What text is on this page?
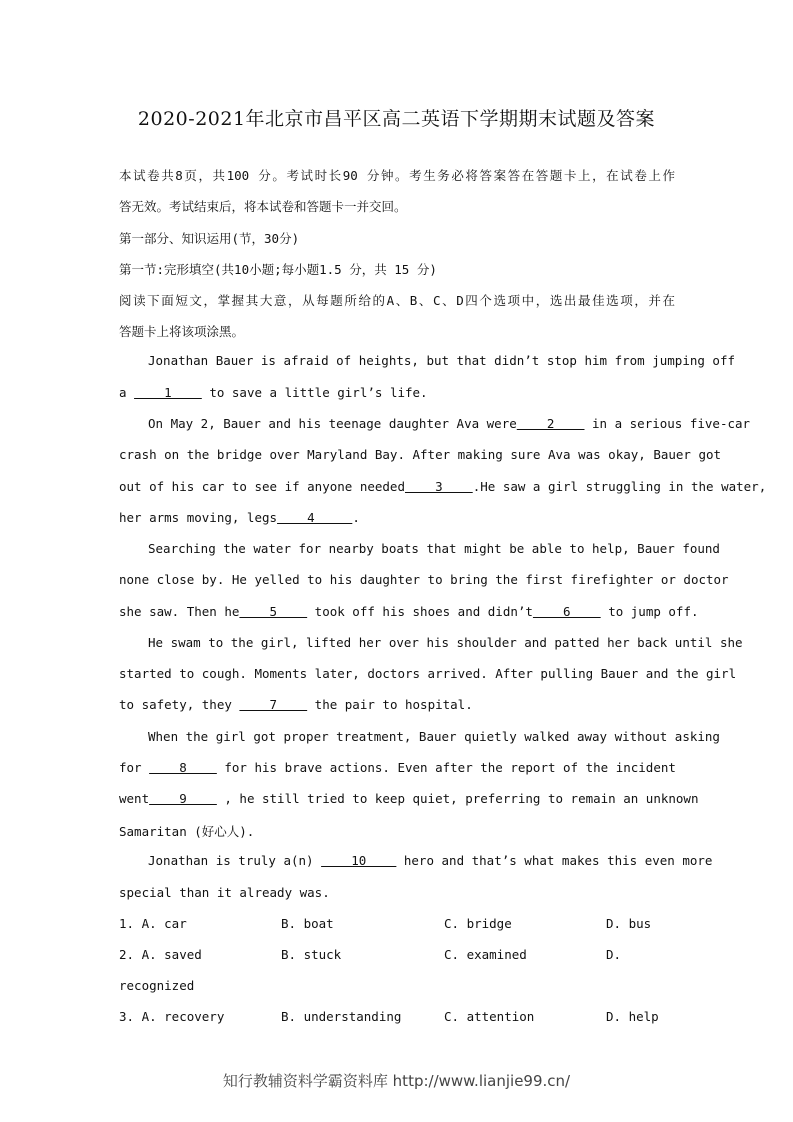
2020-2021年北京市昌平区高二英语下学期期末试题及答案
本试卷共8页，共100 分。考试时长90 分钟。考生务必将答案答在答题卡上，在试卷上作
答无效。考试结束后，将本试卷和答题卡一并交回。
第一部分、知识运用(节，30分)
第一节:完形填空(共10小题;每小题1.5 分，共 15 分)
阅读下面短文，掌握其大意，从每题所给的A、B、C、D四个选项中，选出最佳选项，并在
答题卡上将该项涂黑。
Jonathan Bauer is afraid of heights, but that didn’t stop him from jumping off
a     1     to save a little girl’s life.
On May 2, Bauer and his teenage daughter Ava were    2     in a serious five-car
crash on the bridge over Maryland Bay. After making sure Ava was okay, Bauer got
out of his car to see if anyone needed    3    .He saw a girl struggling in the water,
her arms moving, legs    4     .
Searching the water for nearby boats that might be able to help, Bauer found
none close by. He yelled to his daughter to bring the first firefighter or doctor
she saw. Then he    5     took off his shoes and didn’t    6     to jump off.
He swam to the girl, lifted her over his shoulder and patted her back until she
started to cough. Moments later, doctors arrived. After pulling Bauer and the girl
to safety, they     7     the pair to hospital.
When the girl got proper treatment, Bauer quietly walked away without asking
for     8     for his brave actions. Even after the report of the incident
went    9     , he still tried to keep quiet, preferring to remain an unknown
Samaritan (好心人).
Jonathan is truly a(n)     10     hero and that’s what makes this even more
special than it already was.
1. A. car	B. boat	C. bridge	D. bus
2. A. saved	B. stuck	C. examined	D.
recognized
3. A. recovery	B. understanding	C. attention	D. help
知行教辅资料学霸资料库 http://www.lianjie99.cn/
